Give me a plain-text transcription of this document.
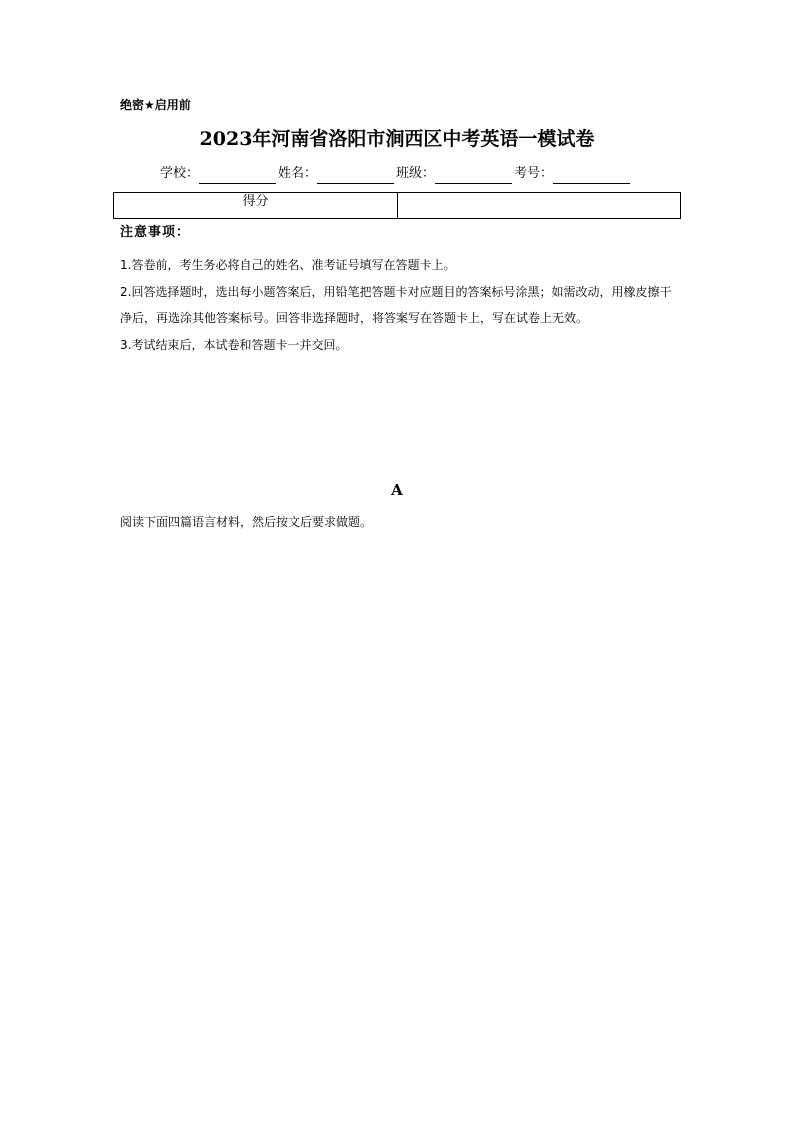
绝密★启用前
2023年河南省洛阳市涧西区中考英语一模试卷
学校：	姓名：	班级：	考号：
得分	
注意事项：

1.答卷前，考生务必将自己的姓名、准考证号填写在答题卡上。

2.回答选择题时，选出每小题答案后，用铅笔把答题卡对应题目的答案标号涂黑；如需改动，用橡皮擦干净后，再选涂其他答案标号。回答非选择题时，将答案写在答题卡上，写在试卷上无效。

3.考试结束后，本试卷和答题卡一并交回。

A
阅读下面四篇语言材料，然后按文后要求做题。
